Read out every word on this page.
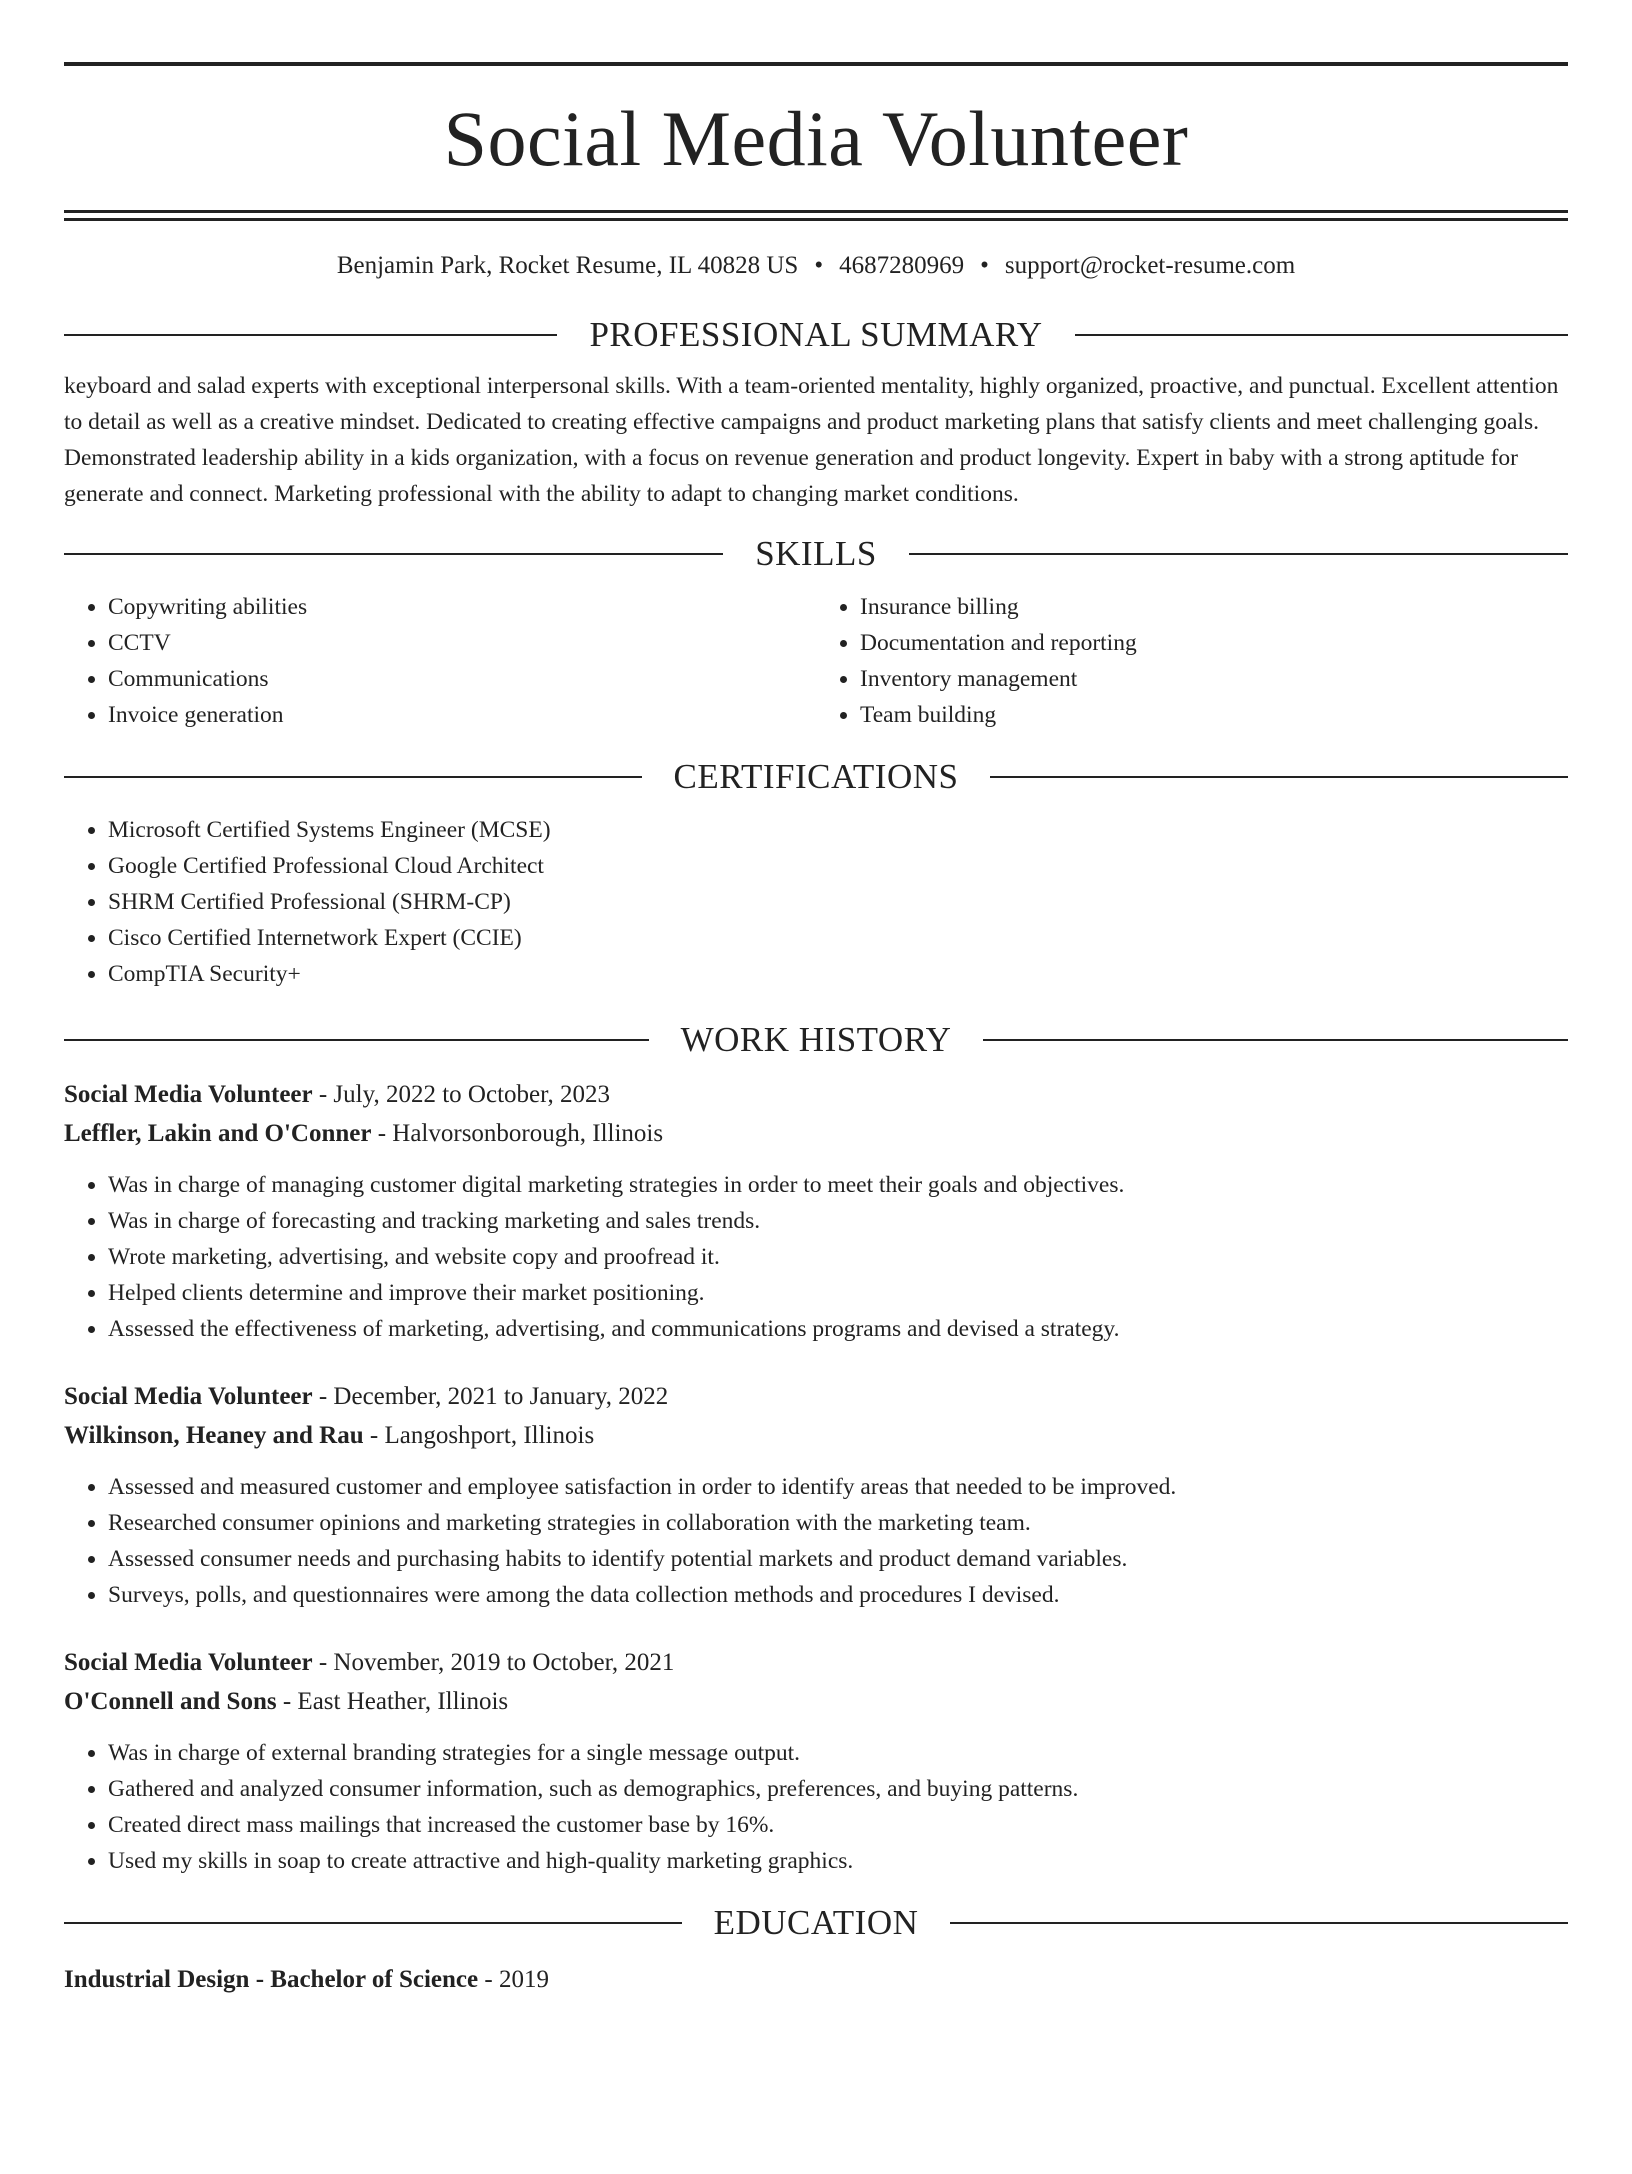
Social Media Volunteer
Benjamin Park, Rocket Resume, IL 40828 US • 4687280969 • support@rocket-resume.com
PROFESSIONAL SUMMARY
keyboard and salad experts with exceptional interpersonal skills. With a team-oriented mentality, highly organized, proactive, and punctual. Excellent attention to detail as well as a creative mindset. Dedicated to creating effective campaigns and product marketing plans that satisfy clients and meet challenging goals. Demonstrated leadership ability in a kids organization, with a focus on revenue generation and product longevity. Expert in baby with a strong aptitude for generate and connect. Marketing professional with the ability to adapt to changing market conditions.
SKILLS
• Copywriting abilities
• CCTV
• Communications
• Invoice generation
• Insurance billing
• Documentation and reporting
• Inventory management
• Team building
CERTIFICATIONS
• Microsoft Certified Systems Engineer (MCSE)
• Google Certified Professional Cloud Architect
• SHRM Certified Professional (SHRM-CP)
• Cisco Certified Internetwork Expert (CCIE)
• CompTIA Security+
WORK HISTORY
Social Media Volunteer - July, 2022 to October, 2023
Leffler, Lakin and O'Conner - Halvorsonborough, Illinois
• Was in charge of managing customer digital marketing strategies in order to meet their goals and objectives.
• Was in charge of forecasting and tracking marketing and sales trends.
• Wrote marketing, advertising, and website copy and proofread it.
• Helped clients determine and improve their market positioning.
• Assessed the effectiveness of marketing, advertising, and communications programs and devised a strategy.
Social Media Volunteer - December, 2021 to January, 2022
Wilkinson, Heaney and Rau - Langoshport, Illinois
• Assessed and measured customer and employee satisfaction in order to identify areas that needed to be improved.
• Researched consumer opinions and marketing strategies in collaboration with the marketing team.
• Assessed consumer needs and purchasing habits to identify potential markets and product demand variables.
• Surveys, polls, and questionnaires were among the data collection methods and procedures I devised.
Social Media Volunteer - November, 2019 to October, 2021
O'Connell and Sons - East Heather, Illinois
• Was in charge of external branding strategies for a single message output.
• Gathered and analyzed consumer information, such as demographics, preferences, and buying patterns.
• Created direct mass mailings that increased the customer base by 16%.
• Used my skills in soap to create attractive and high-quality marketing graphics.
EDUCATION
Industrial Design - Bachelor of Science - 2019
